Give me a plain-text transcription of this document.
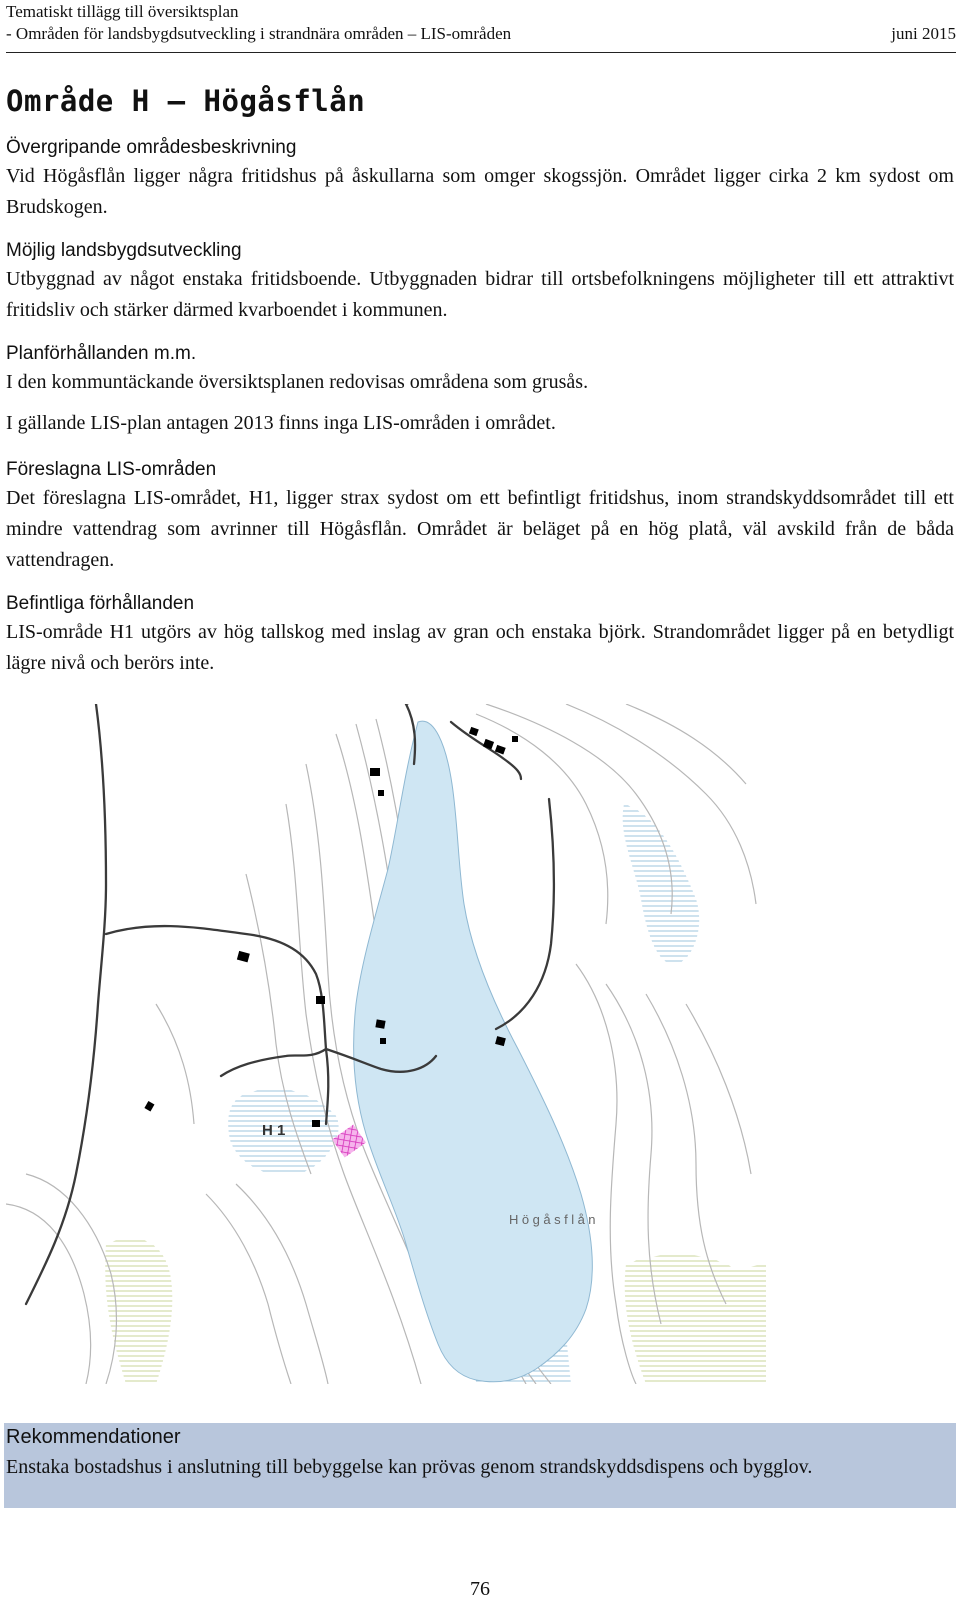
Tematiskt tillägg till översiktsplan
- Områden för landsbygdsutveckling i strandnära områden – LIS-områden	juni 2015
Område H – Högåsflån
Övergripande områdesbeskrivning
Vid Högåsflån ligger några fritidshus på åskullarna som omger skogssjön. Området ligger cirka 2 km sydost om Brudskogen.
Möjlig landsbygdsutveckling
Utbyggnad av något enstaka fritidsboende. Utbyggnaden bidrar till ortsbefolkningens möjligheter till ett attraktivt fritidsliv och stärker därmed kvarboendet i kommunen.
Planförhållanden m.m.
I den kommuntäckande översiktsplanen redovisas områdena som grusås.
I gällande LIS-plan antagen 2013 finns inga LIS-områden i området.
Föreslagna LIS-områden
Det föreslagna LIS-området, H1, ligger strax sydost om ett befintligt fritidshus, inom strandskyddsområdet till ett mindre vattendrag som avrinner till Högåsflån. Området är beläget på en hög platå, väl avskild från de båda vattendragen.
Befintliga förhållanden
LIS-område H1 utgörs av hög tallskog med inslag av gran och enstaka björk. Strandområdet ligger på en betydligt lägre nivå och berörs inte.
H 1
Högåsflån
Rekommendationer
Enstaka bostadshus i anslutning till bebyggelse kan prövas genom strandskyddsdispens och bygglov.
76
